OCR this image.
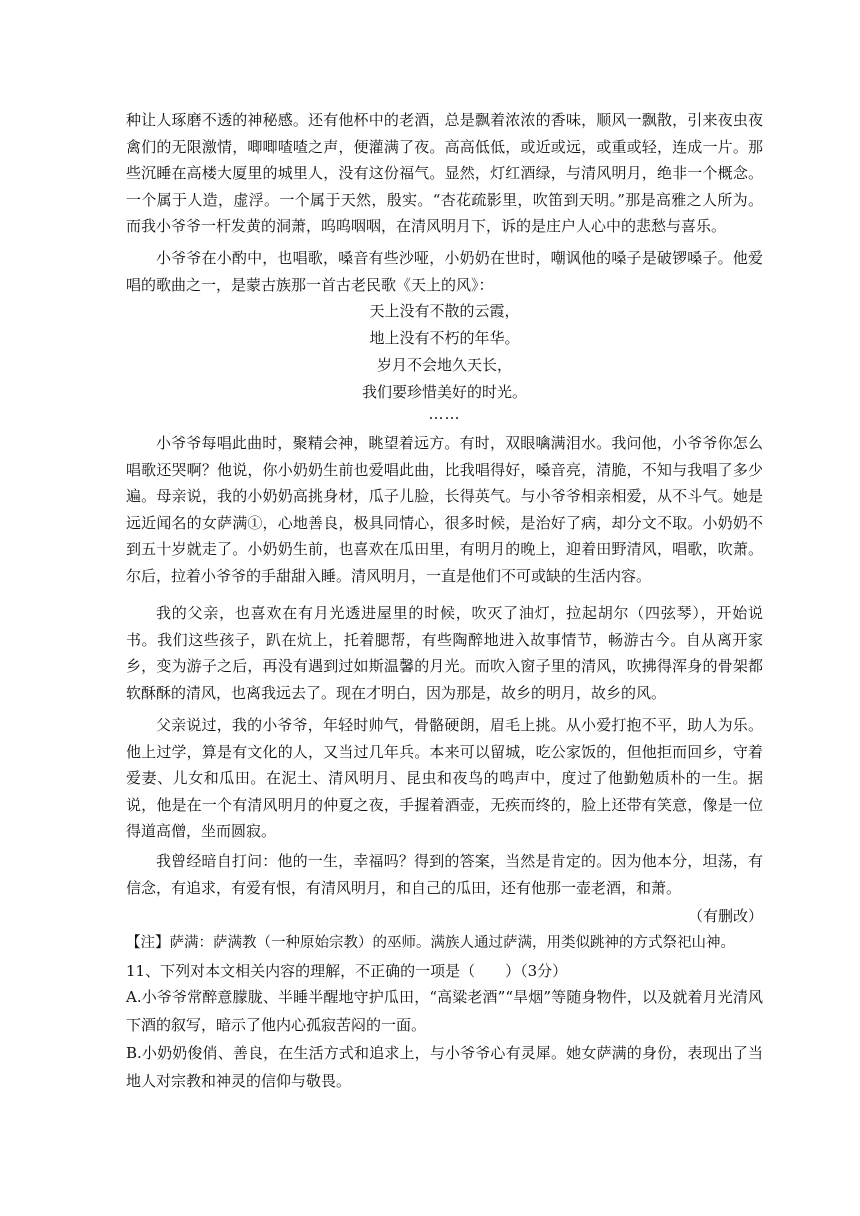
种让人琢磨不透的神秘感。还有他杯中的老酒，总是飘着浓浓的香味，顺风一飘散，引来夜虫夜禽们的无限激情，唧唧喳喳之声，便灌满了夜。高高低低，或近或远，或重或轻，连成一片。那些沉睡在高楼大厦里的城里人，没有这份福气。显然，灯红酒绿，与清风明月，绝非一个概念。一个属于人造，虚浮。一个属于天然，殷实。“杏花疏影里，吹笛到天明。”那是高雅之人所为。而我小爷爷一杆发黄的洞萧，呜呜咽咽，在清风明月下，诉的是庄户人心中的悲愁与喜乐。
小爷爷在小酌中，也唱歌，嗓音有些沙哑，小奶奶在世时，嘲讽他的嗓子是破锣嗓子。他爱唱的歌曲之一，是蒙古族那一首古老民歌《天上的风》：
天上没有不散的云霞，
地上没有不朽的年华。
岁月不会地久天长，
我们要珍惜美好的时光。
……
小爷爷每唱此曲时，聚精会神，眺望着远方。有时，双眼噙满泪水。我问他，小爷爷你怎么唱歌还哭啊？他说，你小奶奶生前也爱唱此曲，比我唱得好，嗓音亮，清脆，不知与我唱了多少遍。母亲说，我的小奶奶高挑身材，瓜子儿脸，长得英气。与小爷爷相亲相爱，从不斗气。她是远近闻名的女萨满①，心地善良，极具同情心，很多时候，是治好了病，却分文不取。小奶奶不到五十岁就走了。小奶奶生前，也喜欢在瓜田里，有明月的晚上，迎着田野清风，唱歌，吹萧。尔后，拉着小爷爷的手甜甜入睡。清风明月，一直是他们不可或缺的生活内容。
我的父亲，也喜欢在有月光透进屋里的时候，吹灭了油灯，拉起胡尔（四弦琴），开始说书。我们这些孩子，趴在炕上，托着腮帮，有些陶醉地进入故事情节，畅游古今。自从离开家乡，变为游子之后，再没有遇到过如斯温馨的月光。而吹入窗子里的清风，吹拂得浑身的骨架都软酥酥的清风，也离我远去了。现在才明白，因为那是，故乡的明月，故乡的风。
父亲说过，我的小爷爷，年轻时帅气，骨骼硬朗，眉毛上挑。从小爱打抱不平，助人为乐。他上过学，算是有文化的人，又当过几年兵。本来可以留城，吃公家饭的，但他拒而回乡，守着爱妻、儿女和瓜田。在泥土、清风明月、昆虫和夜鸟的鸣声中，度过了他勤勉质朴的一生。据说，他是在一个有清风明月的仲夏之夜，手握着酒壶，无疾而终的，脸上还带有笑意，像是一位得道高僧，坐而圆寂。
我曾经暗自打问：他的一生，幸福吗？得到的答案，当然是肯定的。因为他本分，坦荡，有信念，有追求，有爱有恨，有清风明月，和自己的瓜田，还有他那一壶老酒，和萧。
（有删改）
【注】萨满：萨满教（一种原始宗教）的巫师。满族人通过萨满，用类似跳神的方式祭祀山神。
11、下列对本文相关内容的理解，不正确的一项是（　　）（3分）
A.小爷爷常醉意朦胧、半睡半醒地守护瓜田，“高粱老酒”“旱烟”等随身物件，以及就着月光清风下酒的叙写，暗示了他内心孤寂苦闷的一面。
B.小奶奶俊俏、善良，在生活方式和追求上，与小爷爷心有灵犀。她女萨满的身份，表现出了当地人对宗教和神灵的信仰与敬畏。
